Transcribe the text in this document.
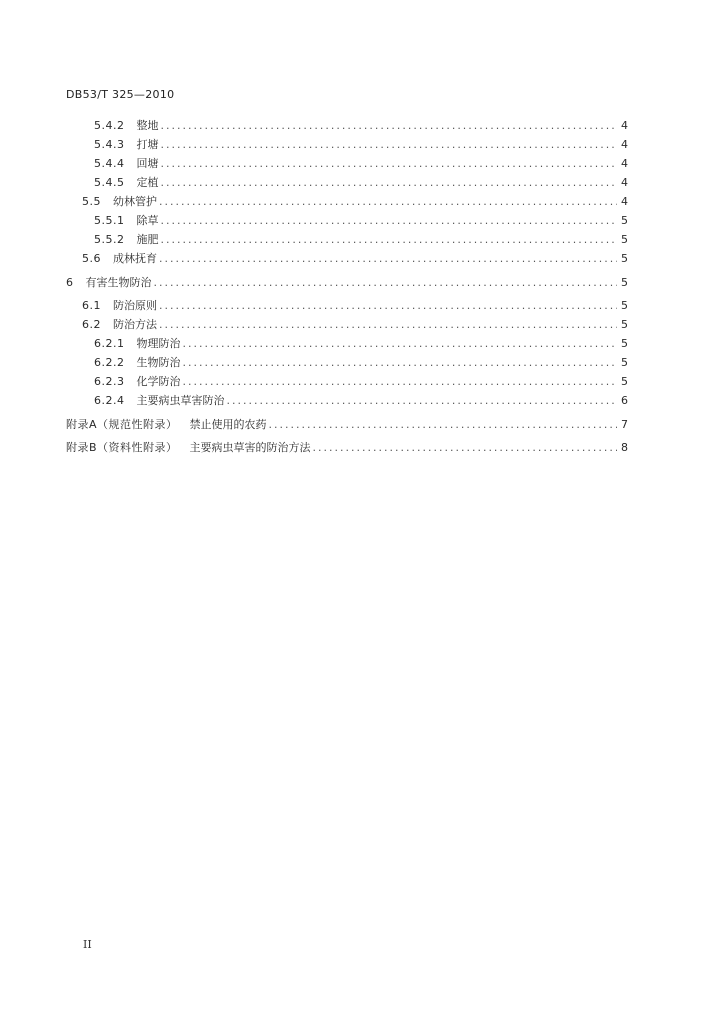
DB53/T 325—2010
5.4.2 整地 .....	4
5.4.3 打塘 .....	4
5.4.4 回塘 .....	4
5.4.5 定植 .....	4
5.5 幼林管护 .....	4
5.5.1 除草 .....	5
5.5.2 施肥 .....	5
5.6 成林抚育 .....	5
6 有害生物防治 .....	5
6.1 防治原则 .....	5
6.2 防治方法 .....	5
6.2.1 物理防治 .....	5
6.2.2 生物防治 .....	5
6.2.3 化学防治 .....	5
6.2.4 主要病虫草害防治 .....	6
附录A（规范性附录） 禁止使用的农药 .....	7
附录B（资料性附录） 主要病虫草害的防治方法 .....	8
II
